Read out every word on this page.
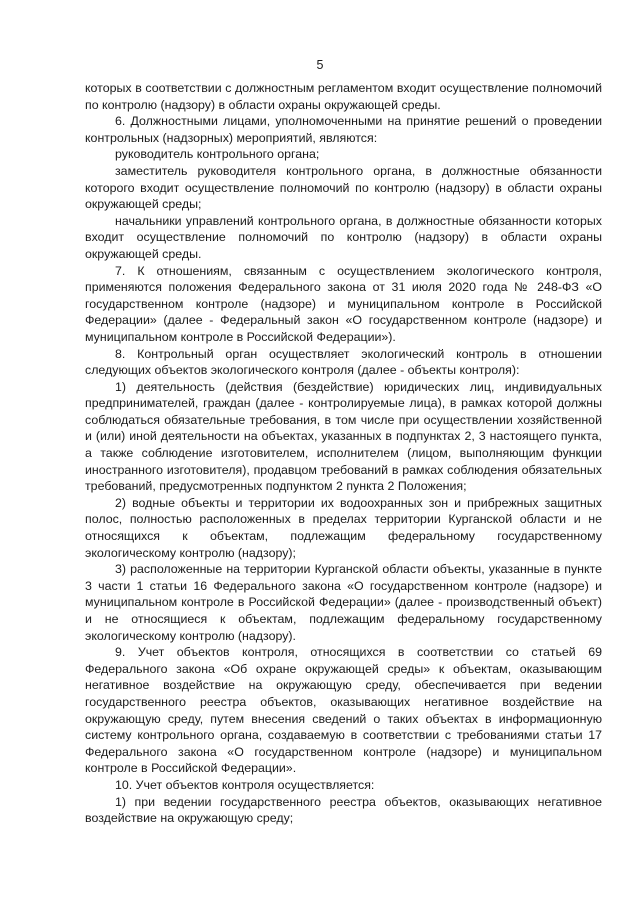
5

которых в соответствии с должностным регламентом входит осуществление полномочий по контролю (надзору) в области охраны окружающей среды.

6. Должностными лицами, уполномоченными на принятие решений о проведении контрольных (надзорных) мероприятий, являются:

руководитель контрольного органа;

заместитель руководителя контрольного органа, в должностные обязанности которого входит осуществление полномочий по контролю (надзору) в области охраны окружающей среды;

начальники управлений контрольного органа, в должностные обязанности которых входит осуществление полномочий по контролю (надзору) в области охраны окружающей среды.

7. К отношениям, связанным с осуществлением экологического контроля, применяются положения Федерального закона от 31 июля 2020 года № 248-ФЗ «О государственном контроле (надзоре) и муниципальном контроле в Российской Федерации» (далее - Федеральный закон «О государственном контроле (надзоре) и муниципальном контроле в Российской Федерации»).

8. Контрольный орган осуществляет экологический контроль в отношении следующих объектов экологического контроля (далее - объекты контроля):

1) деятельность (действия (бездействие) юридических лиц, индивидуальных предпринимателей, граждан (далее - контролируемые лица), в рамках которой должны соблюдаться обязательные требования, в том числе при осуществлении хозяйственной и (или) иной деятельности на объектах, указанных в подпунктах 2, 3 настоящего пункта, а также соблюдение изготовителем, исполнителем (лицом, выполняющим функции иностранного изготовителя), продавцом требований в рамках соблюдения обязательных требований, предусмотренных подпунктом 2 пункта 2 Положения;

2) водные объекты и территории их водоохранных зон и прибрежных защитных полос, полностью расположенных в пределах территории Курганской области и не относящихся к объектам, подлежащим федеральному государственному экологическому контролю (надзору);

3) расположенные на территории Курганской области объекты, указанные в пункте 3 части 1 статьи 16 Федерального закона «О государственном контроле (надзоре) и муниципальном контроле в Российской Федерации» (далее - производственный объект) и не относящиеся к объектам, подлежащим федеральному государственному экологическому контролю (надзору).

9. Учет объектов контроля, относящихся в соответствии со статьей 69 Федерального закона «Об охране окружающей среды» к объектам, оказывающим негативное воздействие на окружающую среду, обеспечивается при ведении государственного реестра объектов, оказывающих негативное воздействие на окружающую среду, путем внесения сведений о таких объектах в информационную систему контрольного органа, создаваемую в соответствии с требованиями статьи 17 Федерального закона «О государственном контроле (надзоре) и муниципальном контроле в Российской Федерации».

10. Учет объектов контроля осуществляется:

1) при ведении государственного реестра объектов, оказывающих негативное воздействие на окружающую среду;
